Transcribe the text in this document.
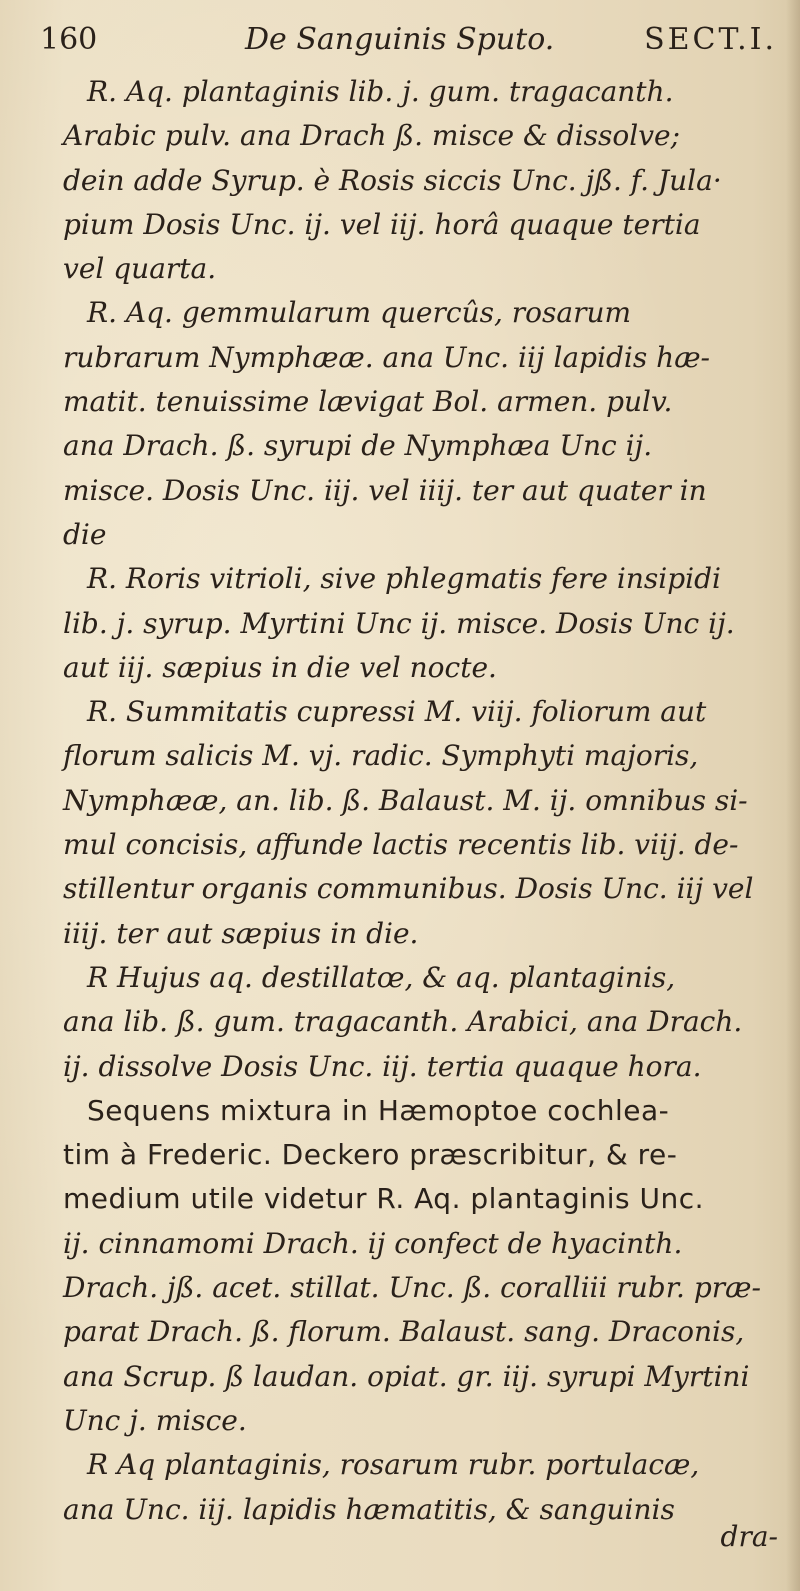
160	De Sanguinis Sputo.	SECT.I.
R. Aq. plantaginis lib. j. gum. tragacanth.
Arabic pulv. ana Drach ß. misce & dissolve;
dein adde Syrup. è Rosis siccis Unc. jß. f. Jula·
pium Dosis Unc. ij. vel iij. horâ quaque tertia
vel quarta.
R. Aq. gemmularum quercûs, rosarum
rubrarum Nymphææ. ana Unc. iij lapidis hæ-
matit. tenuissime lævigat Bol. armen. pulv.
ana Drach. ß. syrupi de Nymphæa Unc ij.
misce. Dosis Unc. iij. vel iiij. ter aut quater in
die
R. Roris vitrioli, sive phlegmatis fere insipidi
lib. j. syrup. Myrtini Unc ij. misce. Dosis Unc ij.
aut iij. sæpius in die vel nocte.
R. Summitatis cupressi M. viij. foliorum aut
florum salicis M. vj. radic. Symphyti majoris,
Nymphææ, an. lib. ß. Balaust. M. ij. omnibus si-
mul concisis, affunde lactis recentis lib. viij. de-
stillentur organis communibus. Dosis Unc. iij vel
iiij. ter aut sæpius in die.
R Hujus aq. destillatœ, & aq. plantaginis,
ana lib. ß. gum. tragacanth. Arabici, ana Drach.
ij. dissolve Dosis Unc. iij. tertia quaque hora.
Sequens mixtura in Hæmoptoe cochlea-
tim à Frederic. Deckero præscribitur, & re-
medium utile videtur R. Aq. plantaginis Unc.
ij. cinnamomi Drach. ij confect de hyacinth.
Drach. jß. acet. stillat. Unc. ß. coralliii rubr. præ-
parat Drach. ß. florum. Balaust. sang. Draconis,
ana Scrup. ß laudan. opiat. gr. iij. syrupi Myrtini
Unc j. misce.
R Aq plantaginis, rosarum rubr. portulacæ,
ana Unc. iij. lapidis hæmatitis, & sanguinis
dra-
